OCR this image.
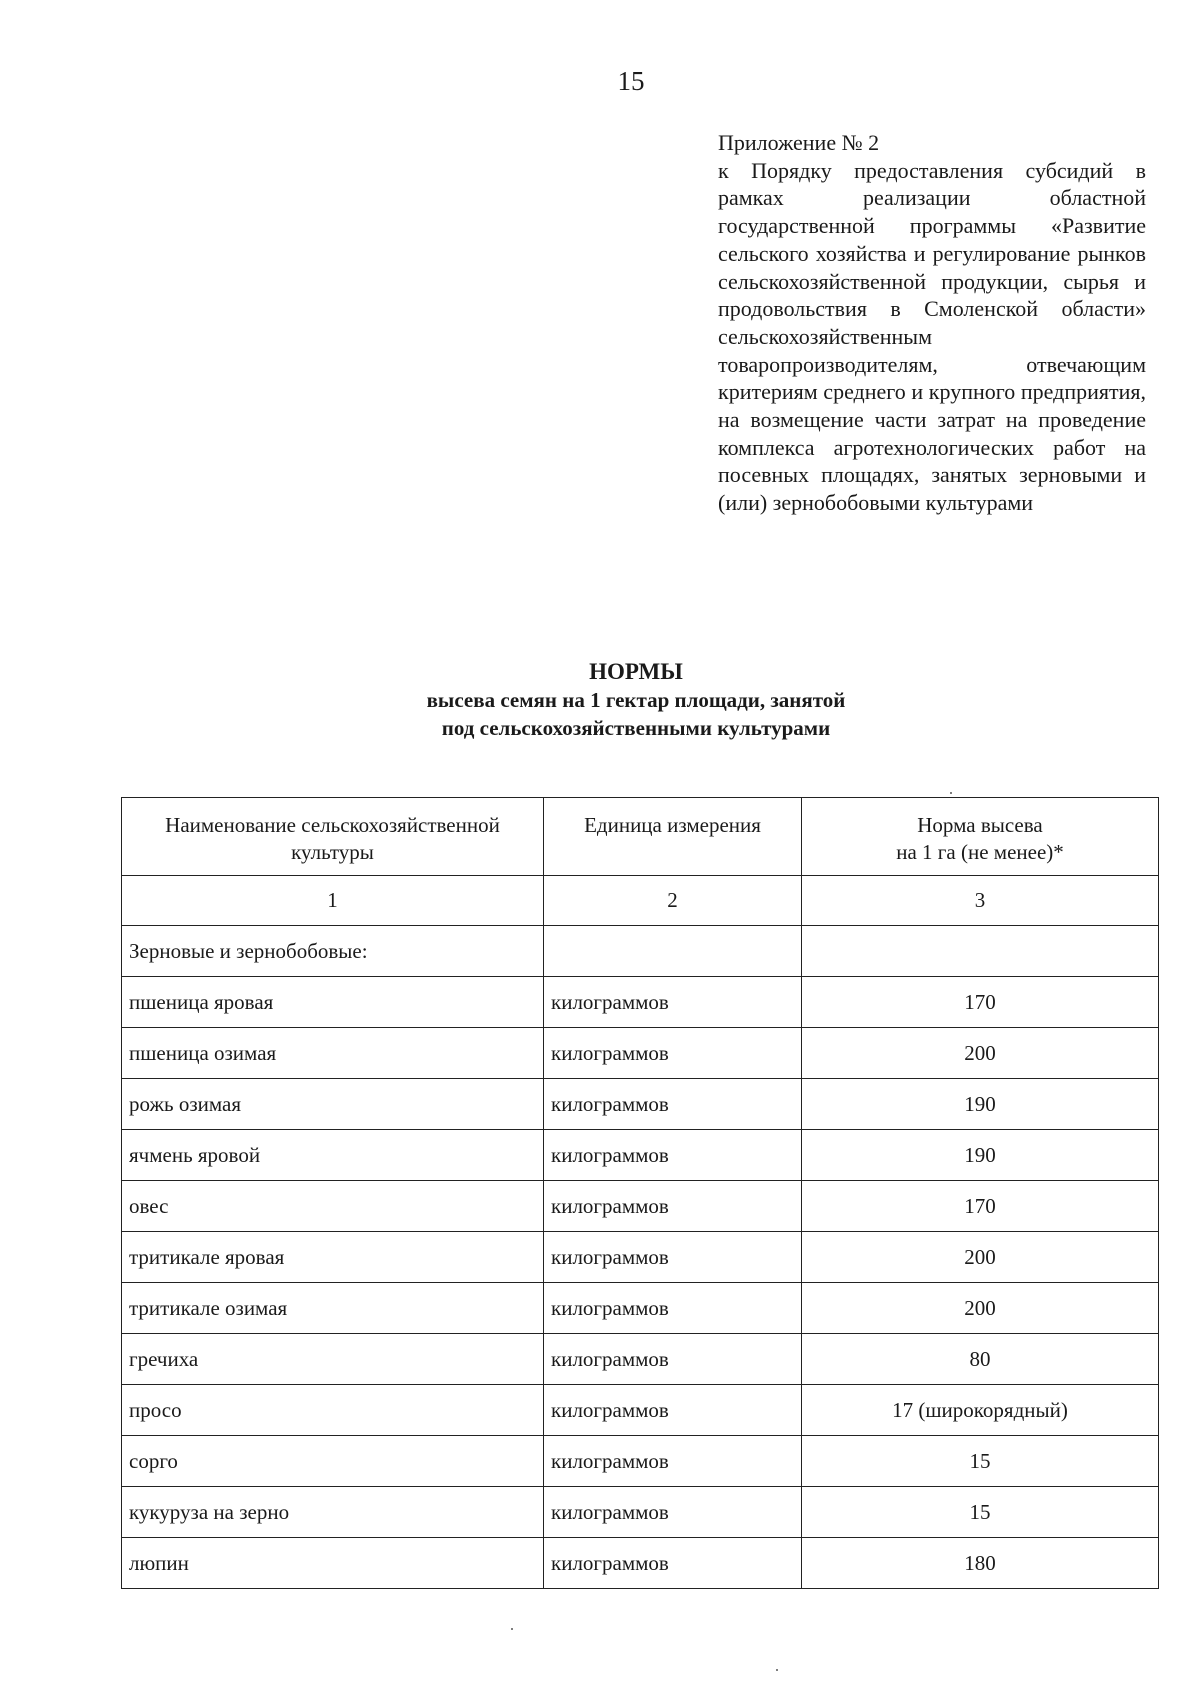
15
Приложение № 2
к Порядку предоставления субсидий в рамках реализации областной государственной программы «Развитие сельского хозяйства и регулирование рынков сельскохозяйственной продукции, сырья и продовольствия в Смоленской области» сельскохозяйственным товаропроизводителям, отвечающим критериям среднего и крупного предприятия, на возмещение части затрат на проведение комплекса агротехнологических работ на посевных площадях, занятых зерновыми и (или) зернобобовыми культурами
НОРМЫ
высева семян на 1 гектар площади, занятой
под сельскохозяйственными культурами
Наименование сельскохозяйственной культуры	Единица измерения	Норма высева
на 1 га (не менее)*

1	2	3
Зерновые и зернобобовые:		
пшеница яровая	килограммов	170
пшеница озимая	килограммов	200
рожь озимая	килограммов	190
ячмень яровой	килограммов	190
овес	килограммов	170
тритикале яровая	килограммов	200
тритикале озимая	килограммов	200
гречиха	килограммов	80
просо	килограммов	17 (широкорядный)
сорго	килограммов	15
кукуруза на зерно	килограммов	15
люпин	килограммов	180
